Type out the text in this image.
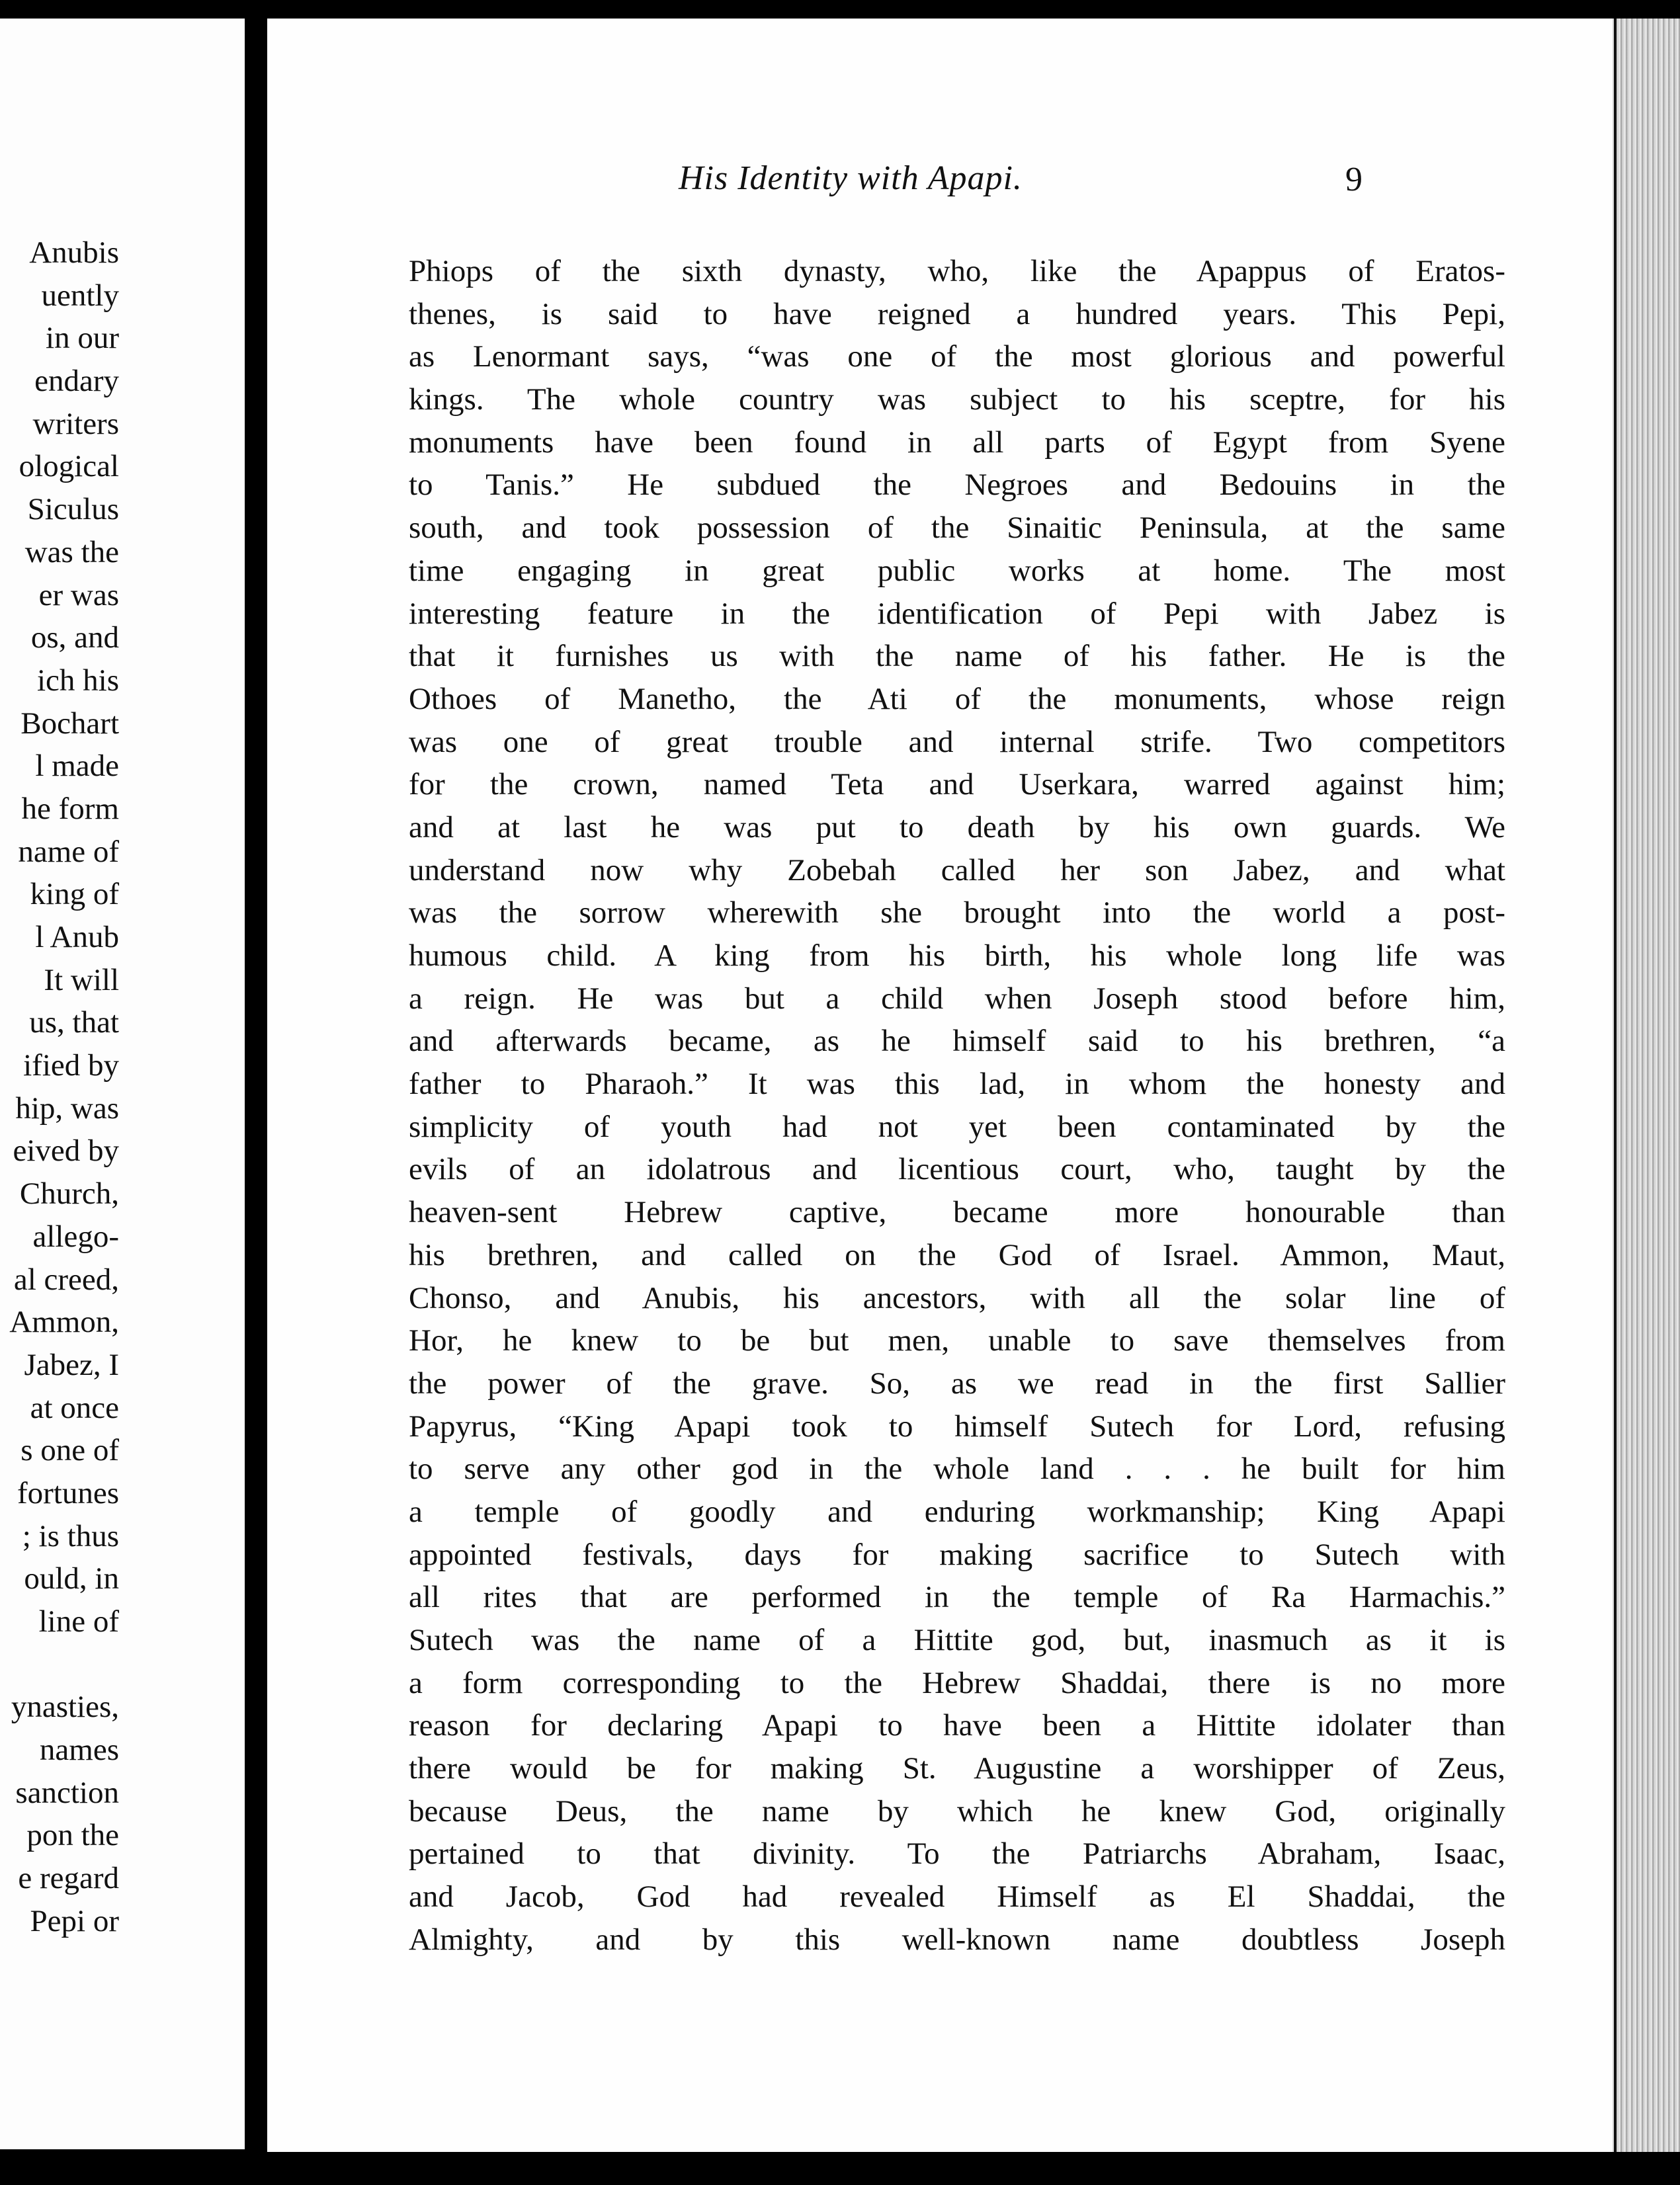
Anubis
uently
in our
endary
writers
ological
Siculus
was the
er was
os, and
ich his
Bochart
l made
he form
name of
king of
l Anub
It will
us, that
ified by
hip, was
eived by
Church,
allego-
al creed,
Ammon,
Jabez, I
at once
s one of
fortunes
; is thus
ould, in
line of
ynasties,
names
sanction
pon the
e regard
Pepi or
His Identity with Apapi.	9
Phiops of the sixth dynasty, who, like the Apappus of Eratos-
thenes, is said to have reigned a hundred years. This Pepi,
as Lenormant says, “was one of the most glorious and powerful
kings. The whole country was subject to his sceptre, for his
monuments have been found in all parts of Egypt from Syene
to Tanis.” He subdued the Negroes and Bedouins in the
south, and took possession of the Sinaitic Peninsula, at the same
time engaging in great public works at home. The most
interesting feature in the identification of Pepi with Jabez is
that it furnishes us with the name of his father. He is the
Othoes of Manetho, the Ati of the monuments, whose reign
was one of great trouble and internal strife. Two competitors
for the crown, named Teta and Userkara, warred against him;
and at last he was put to death by his own guards. We
understand now why Zobebah called her son Jabez, and what
was the sorrow wherewith she brought into the world a post-
humous child. A king from his birth, his whole long life was
a reign. He was but a child when Joseph stood before him,
and afterwards became, as he himself said to his brethren, “a
father to Pharaoh.” It was this lad, in whom the honesty and
simplicity of youth had not yet been contaminated by the
evils of an idolatrous and licentious court, who, taught by the
heaven-sent Hebrew captive, became more honourable than
his brethren, and called on the God of Israel. Ammon, Maut,
Chonso, and Anubis, his ancestors, with all the solar line of
Hor, he knew to be but men, unable to save themselves from
the power of the grave. So, as we read in the first Sallier
Papyrus, “King Apapi took to himself Sutech for Lord, refusing
to serve any other god in the whole land . . . he built for him
a temple of goodly and enduring workmanship; King Apapi
appointed festivals, days for making sacrifice to Sutech with
all rites that are performed in the temple of Ra Harmachis.”
Sutech was the name of a Hittite god, but, inasmuch as it is
a form corresponding to the Hebrew Shaddai, there is no more
reason for declaring Apapi to have been a Hittite idolater than
there would be for making St. Augustine a worshipper of Zeus,
because Deus, the name by which he knew God, originally
pertained to that divinity. To the Patriarchs Abraham, Isaac,
and Jacob, God had revealed Himself as El Shaddai, the
Almighty, and by this well-known name doubtless Joseph
